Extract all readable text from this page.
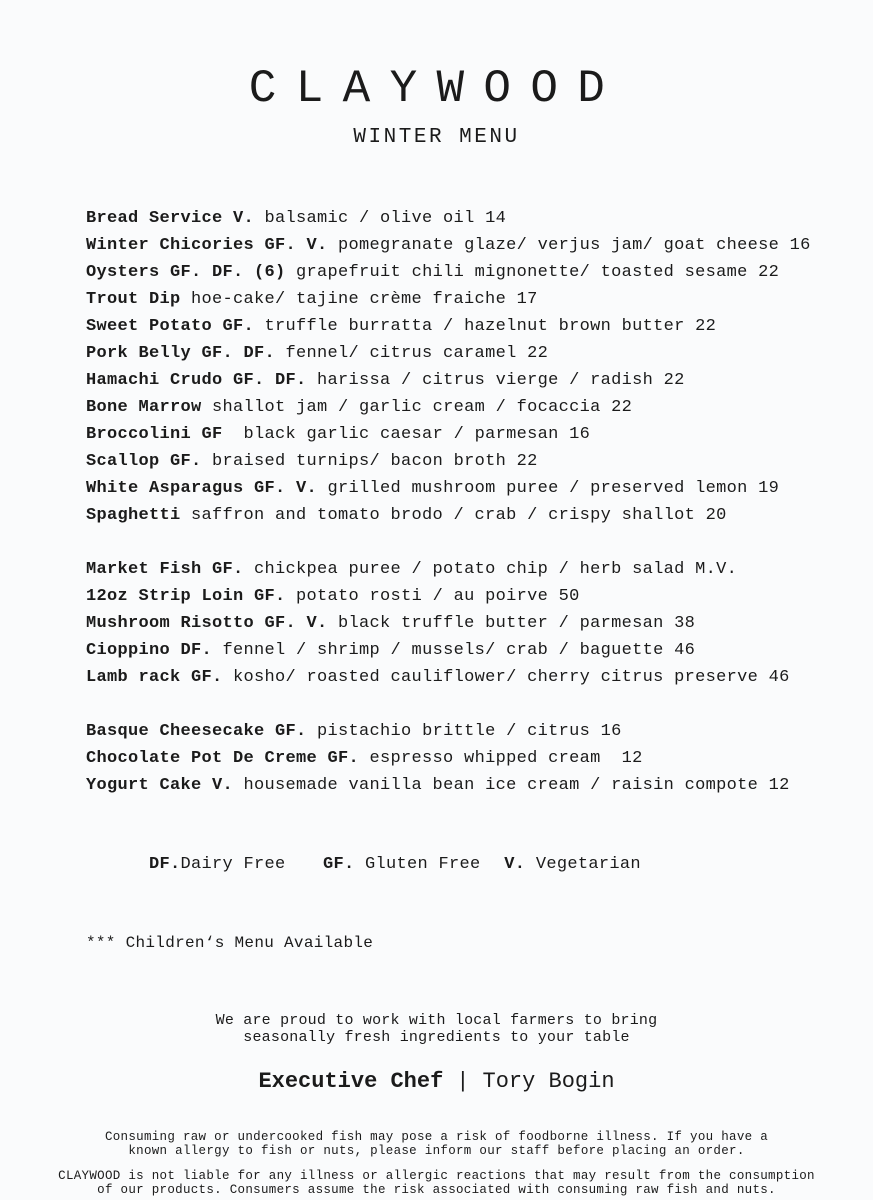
CLAYWOOD
WINTER MENU
Bread Service V. balsamic / olive oil 14
Winter Chicories GF. V. pomegranate glaze/ verjus jam/ goat cheese 16
Oysters GF. DF. (6) grapefruit chili mignonette/ toasted sesame 22
Trout Dip hoe-cake/ tajine crème fraiche 17
Sweet Potato GF. truffle burratta / hazelnut brown butter 22
Pork Belly GF. DF. fennel/ citrus caramel 22
Hamachi Crudo GF. DF. harissa / citrus vierge / radish 22
Bone Marrow shallot jam / garlic cream / focaccia 22
Broccolini GF black garlic caesar / parmesan 16
Scallop GF. braised turnips/ bacon broth 22
White Asparagus GF. V. grilled mushroom puree / preserved lemon 19
Spaghetti saffron and tomato brodo / crab / crispy shallot 20
Market Fish GF. chickpea puree / potato chip / herb salad M.V.
12oz Strip Loin GF. potato rosti / au poirve 50
Mushroom Risotto GF. V. black truffle butter / parmesan 38
Cioppino DF. fennel / shrimp / mussels/ crab / baguette 46
Lamb rack GF. kosho/ roasted cauliflower/ cherry citrus preserve 46
Basque Cheesecake GF. pistachio brittle / citrus 16
Chocolate Pot De Creme GF. espresso whipped cream  12
Yogurt Cake V. housemade vanilla bean ice cream / raisin compote 12

DF.Dairy Free GF. Gluten Free V. Vegetarian

*** Children‘s Menu Available
We are proud to work with local farmers to bring
seasonally fresh ingredients to your table
Executive Chef | Tory Bogin
Consuming raw or undercooked fish may pose a risk of foodborne illness. If you have a known allergy to fish or nuts, please inform our staff before placing an order.
CLAYWOOD is not liable for any illness or allergic reactions that may result from the consumption of our products. Consumers assume the risk associated with consuming raw fish and nuts.
